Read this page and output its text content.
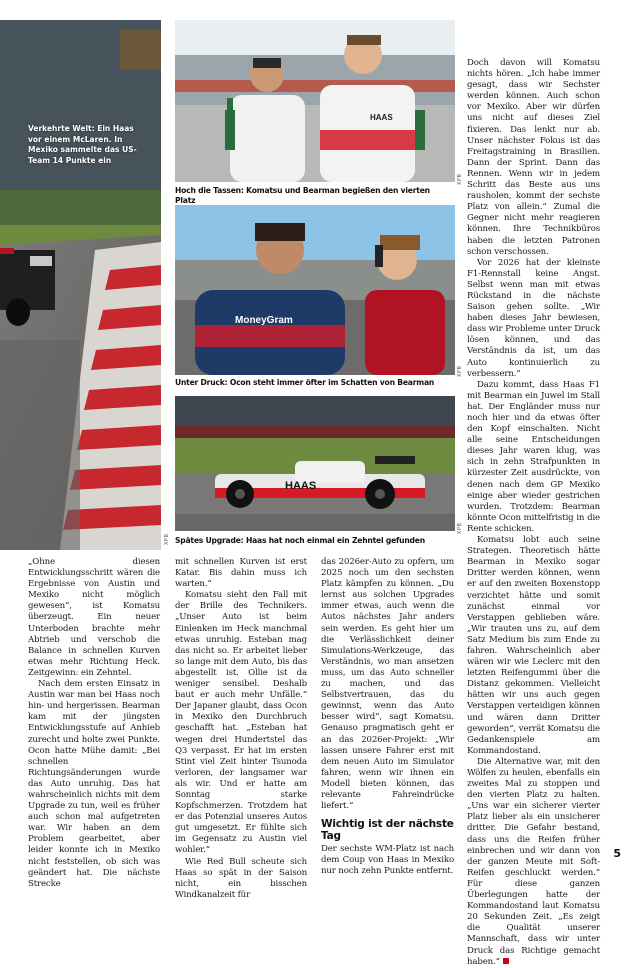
Verkehrte Welt: Ein Haas vor einem McLaren. In Mexiko sammelte das US-Team 14 Punkte ein
XPB
HAAS
Hoch die Tassen: Komatsu und Bearman begießen den vierten Platz
XPB
MoneyGram
Unter Druck: Ocon steht immer öfter im Schatten von Bearman
XPB
HAAS
Spätes Upgrade: Haas hat noch einmal ein Zehntel gefunden
XPB

„Ohne diesen Entwicklungsschritt wären die Ergebnisse von Austin und Mexiko nicht möglich gewesen“, ist Komatsu überzeugt. Ein neuer Unterboden brachte mehr Abtrieb und verschob die Balance in schnellen Kurven etwas mehr Richtung Heck. Zeitgewinn: ein Zehntel.

Nach dem ersten Einsatz in Austin war man bei Haas noch hin- und hergerissen. Bearman kam mit der jüngsten Entwicklungsstufe auf Anhieb zurecht und holte zwei Punkte. Ocon hatte Mühe damit: „Bei schnellen Richtungsänderungen wurde das Auto unruhig. Das hat wahrscheinlich nichts mit dem Upgrade zu tun, weil es früher auch schon mal aufgetreten war. Wir haben an dem Problem gearbeitet, aber leider konnte ich in Mexiko nicht feststellen, ob sich was geändert hat. Die nächste Strecke

mit schnellen Kurven ist erst Katar. Bis dahin muss ich warten.“

Komatsu sieht den Fall mit der Brille des Technikers. „Unser Auto ist beim Einlenken im Heck manchmal etwas unruhig. Esteban mag das nicht so. Er arbeitet lieber so lange mit dem Auto, bis das abgestellt ist. Ollie ist da weniger sensibel. Deshalb baut er auch mehr Unfälle.“ Der Japaner glaubt, dass Ocon in Mexiko den Durchbruch geschafft hat. „Esteban hat wegen drei Hundertstel das Q3 verpasst. Er hat im ersten Stint viel Zeit hinter Tsunoda verloren, der langsamer war als wir. Und er hatte am Sonntag starke Kopfschmerzen. Trotzdem hat er das Potenzial unseres Autos gut umgesetzt. Er fühlte sich im Gegensatz zu Austin viel wohler.“

Wie Red Bull scheute sich Haas so spät in der Saison nicht, ein bisschen Windkanalzeit für

das 2026er-Auto zu opfern, um 2025 noch um den sechsten Platz kämpfen zu können. „Du lernst aus solchen Upgrades immer etwas, auch wenn die Autos nächstes Jahr anders sein werden. Es geht hier um die Verlässlichkeit deiner Simulations-Werkzeuge, das Verständnis, wo man ansetzen muss, um das Auto schneller zu machen, und das Selbstvertrauen, das du gewinnst, wenn das Auto besser wird“, sagt Komatsu. Genauso pragmatisch geht er an das 2026er-Projekt: „Wir lassen unsere Fahrer erst mit dem neuen Auto im Simulator fahren, wenn wir ihnen ein Modell bieten können, das relevante Fahreindrücke liefert.“

Wichtig ist der nächste Tag

Der sechste WM-Platz ist nach dem Coup von Haas in Mexiko nur noch zehn Punkte entfernt.

Doch davon will Komatsu nichts hören. „Ich habe immer gesagt, dass wir Sechster werden können. Auch schon vor Mexiko. Aber wir dürfen uns nicht auf dieses Ziel fixieren. Das lenkt nur ab. Unser nächster Fokus ist das Freitagstraining in Brasilien. Dann der Sprint. Dann das Rennen. Wenn wir in jedem Schritt das Beste aus uns rausholen, kommt der sechste Platz von allein.“ Zumal die Gegner nicht mehr reagieren können. Ihre Technikbüros haben die letzten Patronen schon verschossen.

Vor 2026 hat der kleinste F1-Rennstall keine Angst. Selbst wenn man mit etwas Rückstand in die nächste Saison gehen sollte. „Wir haben dieses Jahr bewiesen, dass wir Probleme unter Druck lösen können, und das Verständnis da ist, um das Auto kontinuierlich zu verbessern.“

Dazu kommt, dass Haas F1 mit Bearman ein Juwel im Stall hat. Der Engländer muss nur noch hier und da etwas öfter den Kopf einschalten. Nicht alle seine Entscheidungen dieses Jahr waren klug, was sich in zehn Strafpunkten in kürzester Zeit ausdrückte, von denen nach dem GP Mexiko einige aber wieder gestrichen wurden. Trotzdem: Bearman könnte Ocon mittelfristig in die Rente schicken.

Komatsu lobt auch seine Strategen. Theoretisch hätte Bearman in Mexiko sogar Dritter werden können, wenn er auf den zweiten Boxenstopp verzichtet hätte und somit zunächst einmal vor Verstappen geblieben wäre. „Wir trauten uns zu, auf dem Satz Medium bis zum Ende zu fahren. Wahrscheinlich aber wären wir wie Leclerc mit den letzten Reifengummi über die Distanz gekommen. Vielleicht hätten wir uns auch gegen Verstappen verteidigen können und wären dann Dritter geworden“, verrät Komatsu die Gedankenspiele am Kommandostand.

Die Alternative war, mit den Wölfen zu heulen, ebenfalls ein zweites Mal zu stoppen und den vierten Platz zu halten. „Uns war ein sicherer vierter Platz lieber als ein unsicherer dritter. Die Gefahr bestand, dass uns die Reifen früher einbrechen und wir dann von der ganzen Meute mit Soft-Reifen geschluckt werden.“ Für diese ganzen Überlegungen hatte der Kommandostand laut Komatsu 20 Sekunden Zeit. „Es zeigt die Qualität unserer Mannschaft, dass wir unter Druck das Richtige gemacht haben.“

5
